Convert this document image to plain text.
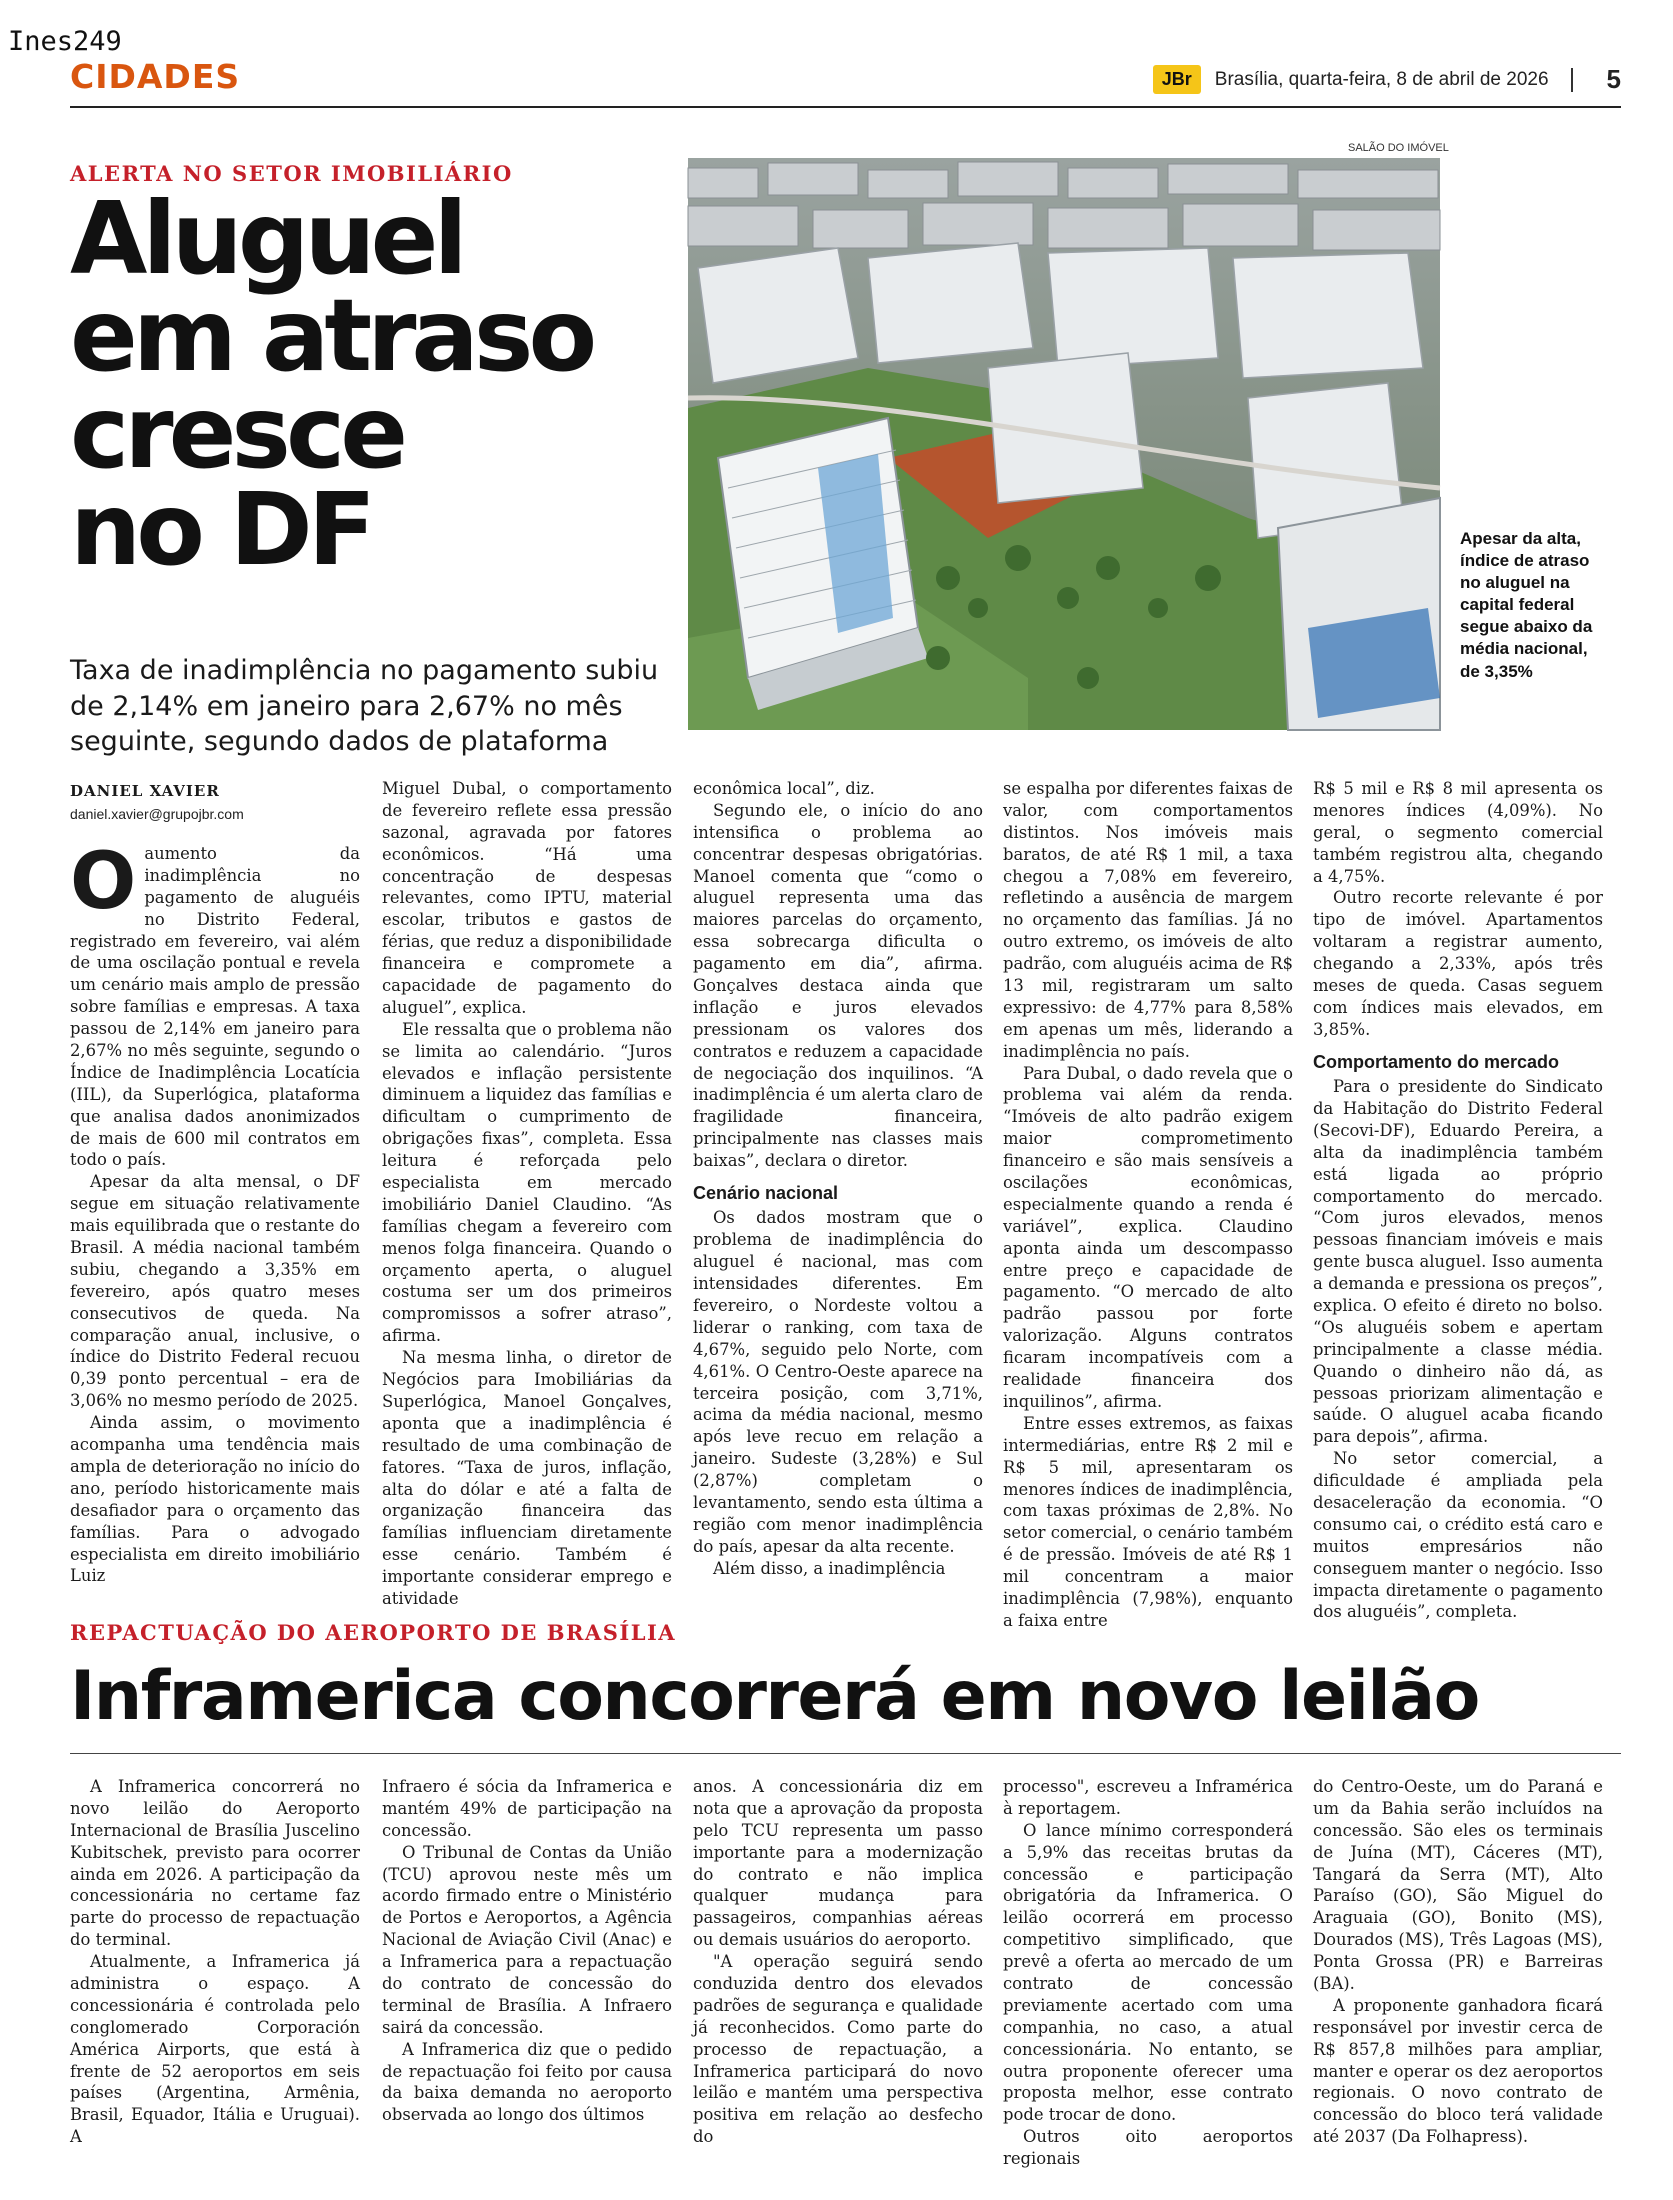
Ines249
CIDADES	JBr	Brasília, quarta-feira, 8 de abril de 2026 5
ALERTA NO SETOR IMOBILIÁRIO
Aluguel
em atraso
cresce
no DF
Taxa de inadimplência no pagamento subiu de 2,14% em janeiro para 2,67% no mês seguinte, segundo dados de plataforma
SALÃO DO IMÓVEL
Apesar da alta, índice de atraso no aluguel na capital federal segue abaixo da média nacional, de 3,35%
DANIEL XAVIER
daniel.xavier@grupojbr.com

Oaumento da inadimplência no pagamento de aluguéis no Distrito Federal, registrado em fevereiro, vai além de uma oscilação pontual e revela um cenário mais amplo de pressão sobre famílias e empresas. A taxa passou de 2,14% em janeiro para 2,67% no mês seguinte, segundo o Índice de Inadimplência Locatícia (IIL), da Superlógica, plataforma que analisa dados anonimizados de mais de 600 mil contratos em todo o país.

Apesar da alta mensal, o DF segue em situação relativamente mais equilibrada que o restante do Brasil. A média nacional também subiu, chegando a 3,35% em fevereiro, após quatro meses consecutivos de queda. Na comparação anual, inclusive, o índice do Distrito Federal recuou 0,39 ponto percentual – era de 3,06% no mesmo período de 2025.

Ainda assim, o movimento acompanha uma tendência mais ampla de deterioração no início do ano, período historicamente mais desafiador para o orçamento das famílias. Para o advogado especialista em direito imobiliário Luiz

Miguel Dubal, o comportamento de fevereiro reflete essa pressão sazonal, agravada por fatores econômicos. “Há uma concentração de despesas relevantes, como IPTU, material escolar, tributos e gastos de férias, que reduz a disponibilidade financeira e compromete a capacidade de pagamento do aluguel”, explica.

Ele ressalta que o problema não se limita ao calendário. “Juros elevados e inflação persistente diminuem a liquidez das famílias e dificultam o cumprimento de obrigações fixas”, completa. Essa leitura é reforçada pelo especialista em mercado imobiliário Daniel Claudino. “As famílias chegam a fevereiro com menos folga financeira. Quando o orçamento aperta, o aluguel costuma ser um dos primeiros compromissos a sofrer atraso”, afirma.

Na mesma linha, o diretor de Negócios para Imobiliárias da Superlógica, Manoel Gonçalves, aponta que a inadimplência é resultado de uma combinação de fatores. “Taxa de juros, inflação, alta do dólar e até a falta de organização financeira das famílias influenciam diretamente esse cenário. Também é importante considerar emprego e atividade

econômica local”, diz.

Segundo ele, o início do ano intensifica o problema ao concentrar despesas obrigatórias. Manoel comenta que “como o aluguel representa uma das maiores parcelas do orçamento, essa sobrecarga dificulta o pagamento em dia”, afirma. Gonçalves destaca ainda que inflação e juros elevados pressionam os valores dos contratos e reduzem a capacidade de negociação dos inquilinos. “A inadimplência é um alerta claro de fragilidade financeira, principalmente nas classes mais baixas”, declara o diretor.

Cenário nacional

Os dados mostram que o problema de inadimplência do aluguel é nacional, mas com intensidades diferentes. Em fevereiro, o Nordeste voltou a liderar o ranking, com taxa de 4,67%, seguido pelo Norte, com 4,61%. O Centro-Oeste aparece na terceira posição, com 3,71%, acima da média nacional, mesmo após leve recuo em relação a janeiro. Sudeste (3,28%) e Sul (2,87%) completam o levantamento, sendo esta última a região com menor inadimplência do país, apesar da alta recente.

Além disso, a inadimplência

se espalha por diferentes faixas de valor, com comportamentos distintos. Nos imóveis mais baratos, de até R$ 1 mil, a taxa chegou a 7,08% em fevereiro, refletindo a ausência de margem no orçamento das famílias. Já no outro extremo, os imóveis de alto padrão, com aluguéis acima de R$ 13 mil, registraram um salto expressivo: de 4,77% para 8,58% em apenas um mês, liderando a inadimplência no país.

Para Dubal, o dado revela que o problema vai além da renda. “Imóveis de alto padrão exigem maior comprometimento financeiro e são mais sensíveis a oscilações econômicas, especialmente quando a renda é variável”, explica. Claudino aponta ainda um descompasso entre preço e capacidade de pagamento. “O mercado de alto padrão passou por forte valorização. Alguns contratos ficaram incompatíveis com a realidade financeira dos inquilinos”, afirma.

Entre esses extremos, as faixas intermediárias, entre R$ 2 mil e R$ 5 mil, apresentaram os menores índices de inadimplência, com taxas próximas de 2,8%. No setor comercial, o cenário também é de pressão. Imóveis de até R$ 1 mil concentram a maior inadimplência (7,98%), enquanto a faixa entre

R$ 5 mil e R$ 8 mil apresenta os menores índices (4,09%). No geral, o segmento comercial também registrou alta, chegando a 4,75%.

Outro recorte relevante é por tipo de imóvel. Apartamentos voltaram a registrar aumento, chegando a 2,33%, após três meses de queda. Casas seguem com índices mais elevados, em 3,85%.

Comportamento do mercado

Para o presidente do Sindicato da Habitação do Distrito Federal (Secovi-DF), Eduardo Pereira, a alta da inadimplência também está ligada ao próprio comportamento do mercado. “Com juros elevados, menos pessoas financiam imóveis e mais gente busca aluguel. Isso aumenta a demanda e pressiona os preços”, explica. O efeito é direto no bolso. “Os aluguéis sobem e apertam principalmente a classe média. Quando o dinheiro não dá, as pessoas priorizam alimentação e saúde. O aluguel acaba ficando para depois”, afirma.

No setor comercial, a dificuldade é ampliada pela desaceleração da economia. “O consumo cai, o crédito está caro e muitos empresários não conseguem manter o negócio. Isso impacta diretamente o pagamento dos aluguéis”, completa.

REPACTUAÇÃO DO AEROPORTO DE BRASÍLIA
Inframerica concorrerá em novo leilão

A Inframerica concorrerá no novo leilão do Aeroporto Internacional de Brasília Juscelino Kubitschek, previsto para ocorrer ainda em 2026. A participação da concessionária no certame faz parte do processo de repactuação do terminal.

Atualmente, a Inframerica já administra o espaço. A concessionária é controlada pelo conglomerado Corporación América Airports, que está à frente de 52 aeroportos em seis países (Argentina, Armênia, Brasil, Equador, Itália e Uruguai). A

Infraero é sócia da Inframerica e mantém 49% de participação na concessão.

O Tribunal de Contas da União (TCU) aprovou neste mês um acordo firmado entre o Ministério de Portos e Aeroportos, a Agência Nacional de Aviação Civil (Anac) e a Inframerica para a repactuação do contrato de concessão do terminal de Brasília. A Infraero sairá da concessão.

A Inframerica diz que o pedido de repactuação foi feito por causa da baixa demanda no aeroporto observada ao longo dos últimos

anos. A concessionária diz em nota que a aprovação da proposta pelo TCU representa um passo importante para a modernização do contrato e não implica qualquer mudança para passageiros, companhias aéreas ou demais usuários do aeroporto.

"A operação seguirá sendo conduzida dentro dos elevados padrões de segurança e qualidade já reconhecidos. Como parte do processo de repactuação, a Inframerica participará do novo leilão e mantém uma perspectiva positiva em relação ao desfecho do

processo", escreveu a Inframérica à reportagem.

O lance mínimo corresponderá a 5,9% das receitas brutas da concessão e participação obrigatória da Inframerica. O leilão ocorrerá em processo competitivo simplificado, que prevê a oferta ao mercado de um contrato de concessão previamente acertado com uma companhia, no caso, a atual concessionária. No entanto, se outra proponente oferecer uma proposta melhor, esse contrato pode trocar de dono.

Outros oito aeroportos regionais

do Centro-Oeste, um do Paraná e um da Bahia serão incluídos na concessão. São eles os terminais de Juína (MT), Cáceres (MT), Tangará da Serra (MT), Alto Paraíso (GO), São Miguel do Araguaia (GO), Bonito (MS), Dourados (MS), Três Lagoas (MS), Ponta Grossa (PR) e Barreiras (BA).

A proponente ganhadora ficará responsável por investir cerca de R$ 857,8 milhões para ampliar, manter e operar os dez aeroportos regionais. O novo contrato de concessão do bloco terá validade até 2037 (Da Folhapress).
